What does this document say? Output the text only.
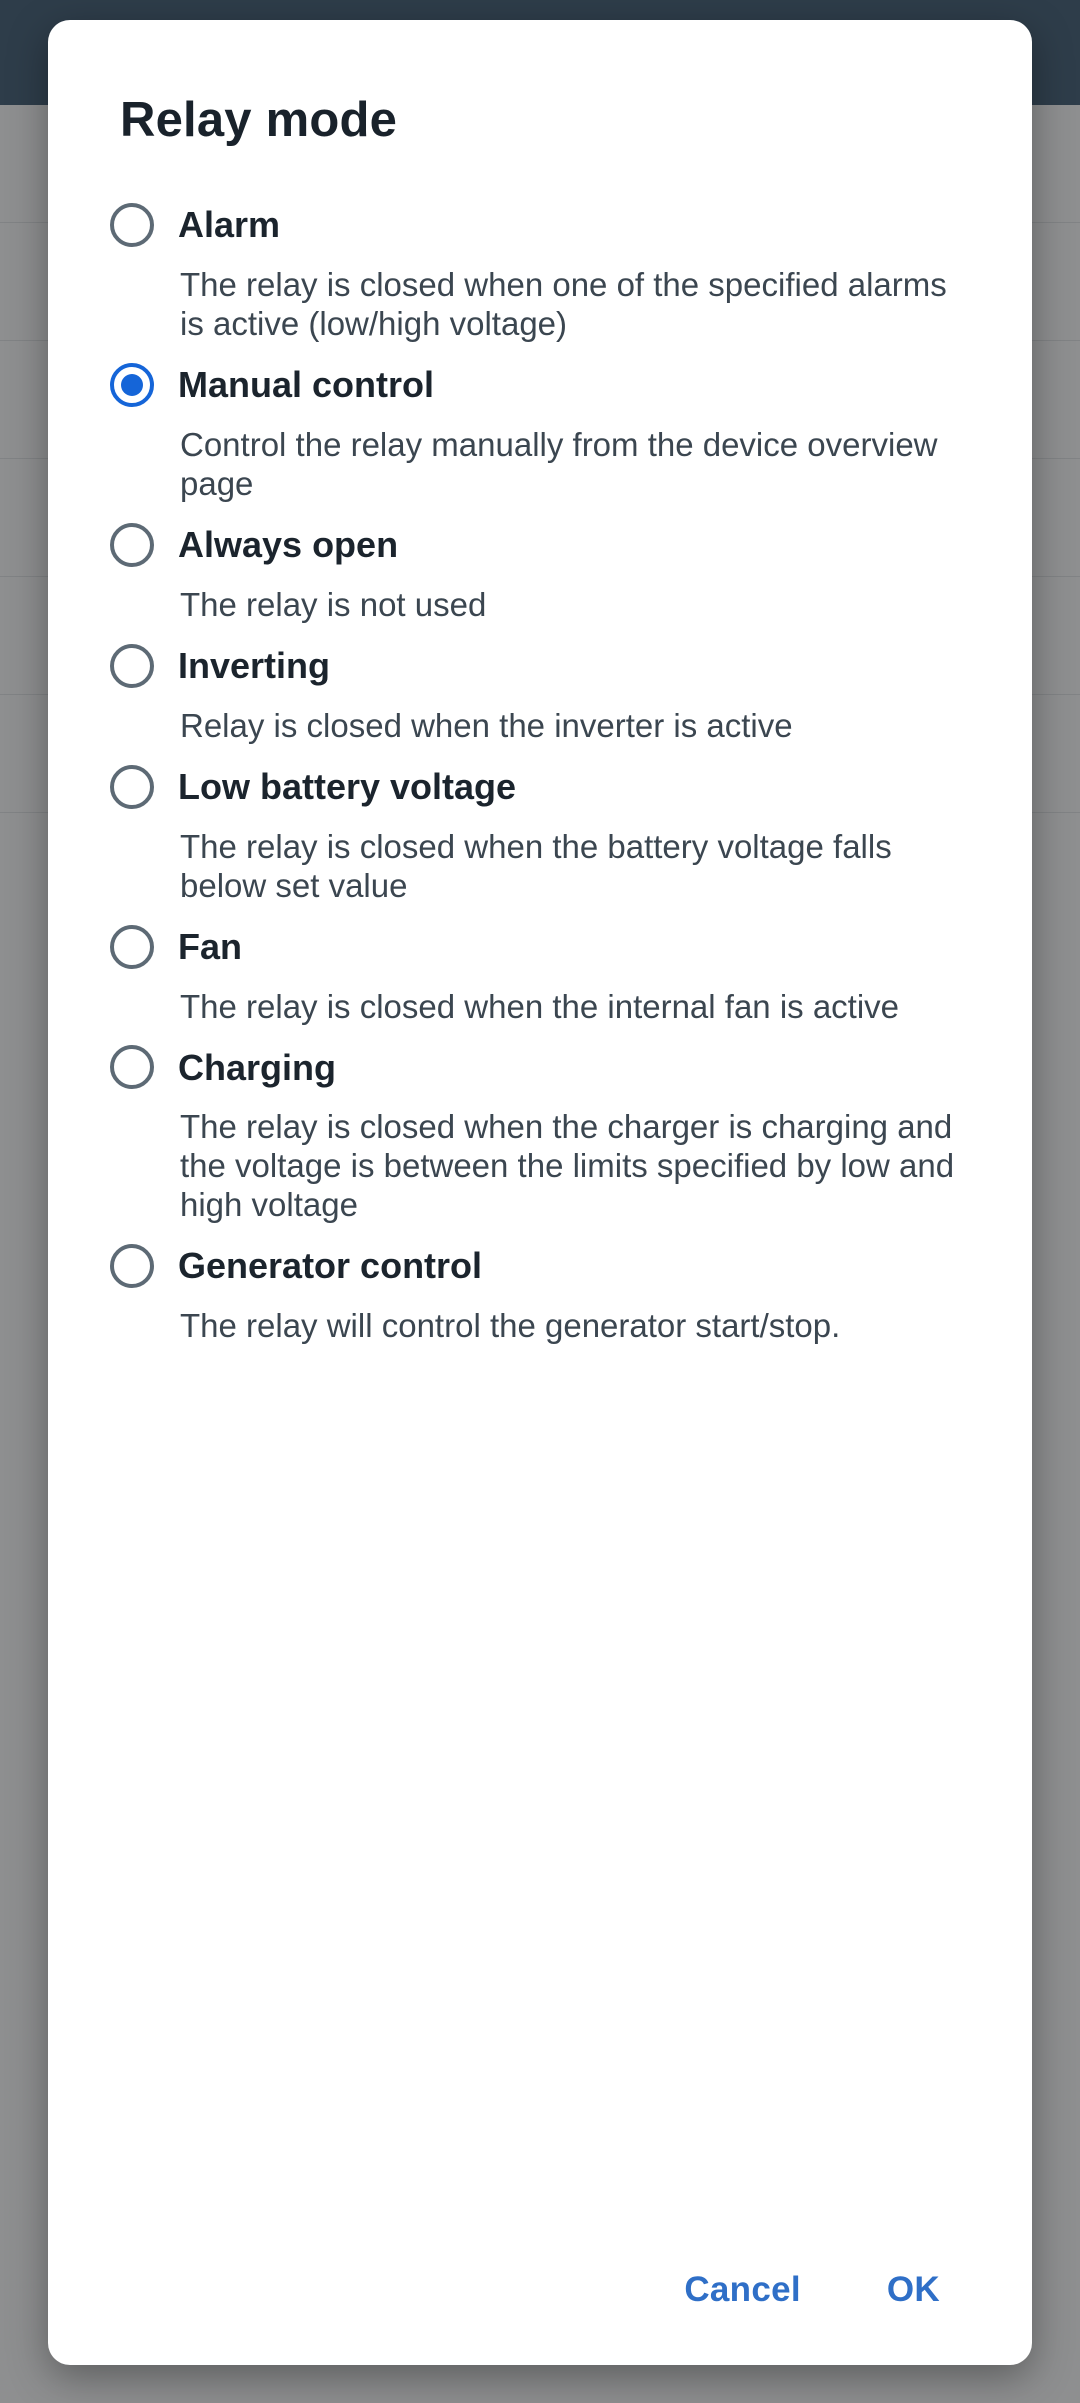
Relay mode
Alarm
The relay is closed when one of the specified alarms is active (low/high voltage)
Manual control
Control the relay manually from the device overview page
Always open
The relay is not used
Inverting
Relay is closed when the inverter is active
Low battery voltage
The relay is closed when the battery voltage falls below set value
Fan
The relay is closed when the internal fan is active
Charging
The relay is closed when the charger is charging and the voltage is between the limits specified by low and high voltage
Generator control
The relay will control the generator start/stop.
Cancel OK
